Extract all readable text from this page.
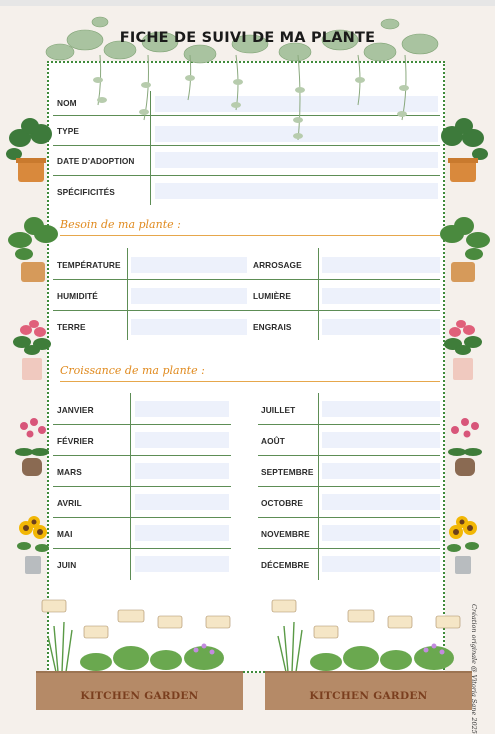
FICHE DE SUIVI DE MA PLANTE
NOM
TYPE
DATE D'ADOPTION
SPÉCIFICITÉS
Besoin de ma plante :
TEMPÉRATURE
HUMIDITÉ
TERRE
ARROSAGE
LUMIÈRE
ENGRAIS
Croissance de ma plante :
JANVIER
FÉVRIER
MARS
AVRIL
MAI
JUIN
JUILLET
AOÛT
SEPTEMBRE
OCTOBRE
NOVEMBRE
DÉCEMBRE
KITCHEN GARDEN	KITCHEN GARDEN	Création originale @ Vitoria Sane 2025
